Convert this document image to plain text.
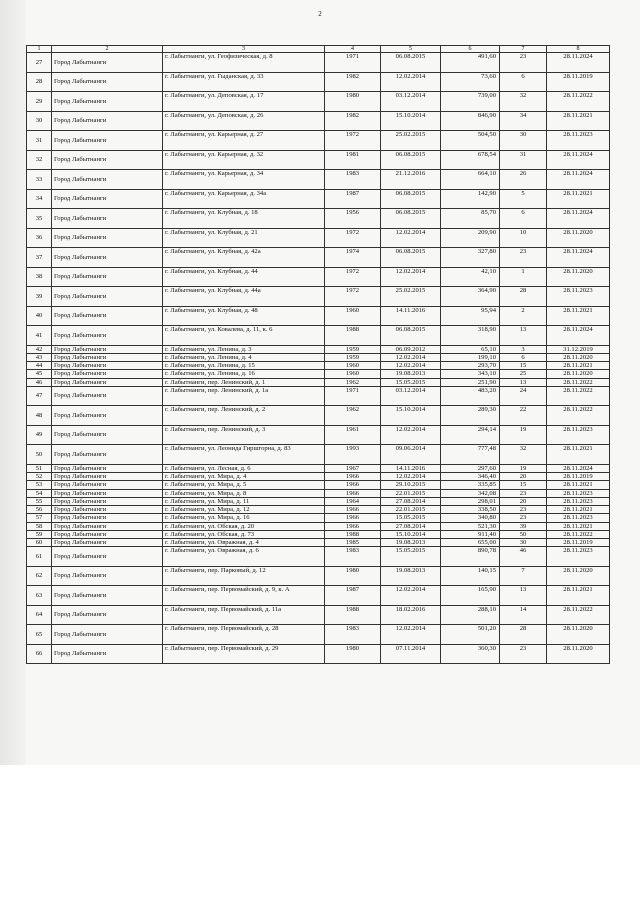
2
1	2	3	4	5	6	7	8
27	Город Лабытнанги	г. Лабытнанги, ул. Геофизическая, д. 8	1971	06.08.2015	491,60	23	28.11.2024
28	Город Лабытнанги	г. Лабытнанги, ул. Гыданская, д. 33	1982	12.02.2014	73,60	6	28.11.2019
29	Город Лабытнанги	г. Лабытнанги, ул. Деповская, д. 17	1980	03.12.2014	739,00	32	28.11.2022
30	Город Лабытнанги	г. Лабытнанги, ул. Деповская, д. 26	1982	15.10.2014	846,90	34	28.11.2021
31	Город Лабытнанги	г. Лабытнанги, ул. Карьерная, д. 27	1972	25.02.2015	504,50	30	28.11.2023
32	Город Лабытнанги	г. Лабытнанги, ул. Карьерная, д. 32	1981	06.08.2015	678,54	31	28.11.2024
33	Город Лабытнанги	г. Лабытнанги, ул. Карьерная, д. 34	1983	21.12.2016	664,10	26	28.11.2024
34	Город Лабытнанги	г. Лабытнанги, ул. Карьерная, д. 34а	1987	06.08.2015	142,90	5	28.11.2021
35	Город Лабытнанги	г. Лабытнанги, ул. Клубная, д. 18	1956	06.08.2015	85,70	6	28.11.2024
36	Город Лабытнанги	г. Лабытнанги, ул. Клубная, д. 21	1972	12.02.2014	209,90	10	28.11.2020
37	Город Лабытнанги	г. Лабытнанги, ул. Клубная, д. 42а	1974	06.08.2015	327,80	23	28.11.2024
38	Город Лабытнанги	г. Лабытнанги, ул. Клубная, д. 44	1972	12.02.2014	42,10	1	28.11.2020
39	Город Лабытнанги	г. Лабытнанги, ул. Клубная, д. 44а	1972	25.02.2015	364,90	28	28.11.2023
40	Город Лабытнанги	г. Лабытнанги, ул. Клубная, д. 48	1960	14.11.2016	95,94	2	28.11.2021
41	Город Лабытнанги	г. Лабытнанги, ул. Ковалева, д. 11, к. 6	1988	06.08.2015	318,90	13	28.11.2024
42	Город Лабытнанги	г. Лабытнанги, ул. Ленина, д. 3	1959	06.09.2012	65,10	3	31.12.2019
43	Город Лабытнанги	г. Лабытнанги, ул. Ленина, д. 4	1959	12.02.2014	199,10	6	28.11.2020
44	Город Лабытнанги	г. Лабытнанги, ул. Ленина, д. 15	1960	12.02.2014	293,70	15	28.11.2021
45	Город Лабытнанги	г. Лабытнанги, ул. Ленина, д. 16	1960	19.08.2013	343,10	25	28.11.2020
46	Город Лабытнанги	г. Лабытнанги, пер. Ленинский, д. 1	1962	15.05.2015	251,90	13	28.11.2022
47	Город Лабытнанги	г. Лабытнанги, пер. Ленинский, д. 1а	1971	03.12.2014	483,20	24	28.11.2022
48	Город Лабытнанги	г. Лабытнанги, пер. Ленинский, д. 2	1962	15.10.2014	289,30	22	28.11.2022
49	Город Лабытнанги	г. Лабытнанги, пер. Ленинский, д. 3	1961	12.02.2014	294,14	19	28.11.2023
50	Город Лабытнанги	г. Лабытнанги, ул. Леонида Гиршгорна, д. 83	1993	09.06.2014	777,48	32	28.11.2021
51	Город Лабытнанги	г. Лабытнанги, ул. Лесная, д. 6	1967	14.11.2016	297,60	19	28.11.2024
52	Город Лабытнанги	г. Лабытнанги, ул. Мира, д. 4	1966	12.02.2014	346,40	20	28.11.2019
53	Город Лабытнанги	г. Лабытнанги, ул. Мира, д. 5	1966	29.10.2015	335,85	15	28.11.2021
54	Город Лабытнанги	г. Лабытнанги, ул. Мира, д. 8	1966	22.01.2015	342,08	23	28.11.2023
55	Город Лабытнанги	г. Лабытнанги, ул. Мира, д. 11	1964	27.08.2014	298,01	20	28.11.2023
56	Город Лабытнанги	г. Лабытнанги, ул. Мира, д. 12	1966	22.01.2015	338,50	23	28.11.2021
57	Город Лабытнанги	г. Лабытнанги, ул. Мира, д. 16	1966	15.05.2015	340,80	23	28.11.2023
58	Город Лабытнанги	г. Лабытнанги, ул. Обская, д. 20	1966	27.08.2014	521,30	39	28.11.2021
59	Город Лабытнанги	г. Лабытнанги, ул. Обская, д. 73	1988	15.10.2014	911,40	50	28.11.2022
60	Город Лабытнанги	г. Лабытнанги, ул. Овражная, д. 4	1985	19.08.2013	655,00	30	28.11.2019
61	Город Лабытнанги	г. Лабытнанги, ул. Овражная, д. 6	1983	15.05.2015	890,78	46	28.11.2023
62	Город Лабытнанги	г. Лабытнанги, пер. Парковый, д. 12	1980	19.08.2013	140,15	7	28.11.2020
63	Город Лабытнанги	г. Лабытнанги, пер. Первомайский, д. 9, к. А	1987	12.02.2014	165,90	13	28.11.2021
64	Город Лабытнанги	г. Лабытнанги, пер. Первомайский, д. 11а	1988	18.02.2016	288,10	14	28.11.2022
65	Город Лабытнанги	г. Лабытнанги, пер. Первомайский, д. 28	1983	12.02.2014	501,20	28	28.11.2020
66	Город Лабытнанги	г. Лабытнанги, пер. Первомайский, д. 29	1980	07.11.2014	360,30	23	28.11.2020
